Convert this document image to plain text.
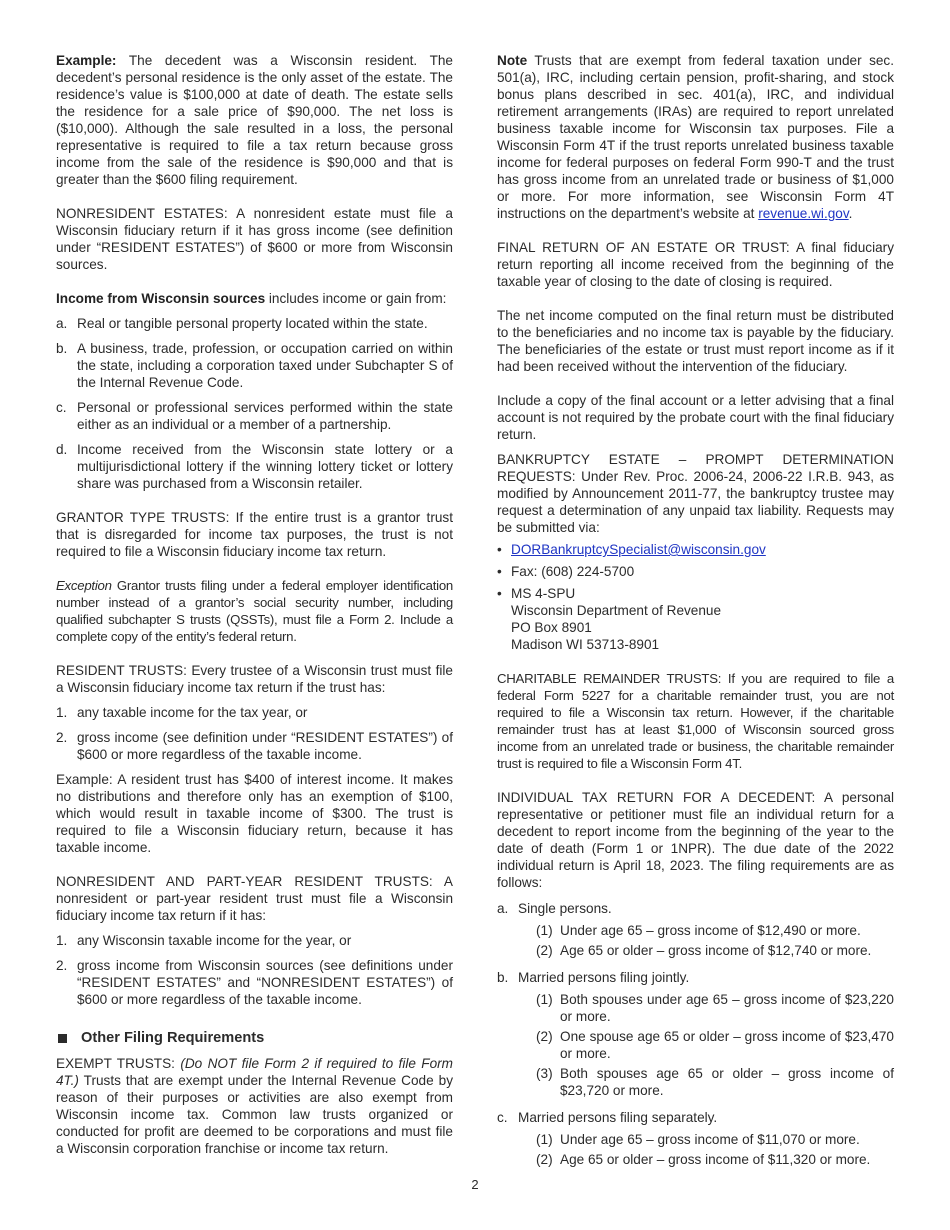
Example: The decedent was a Wisconsin resident. The decedent’s personal residence is the only asset of the estate. The residence’s value is $100,000 at date of death. The estate sells the residence for a sale price of $90,000. The net loss is ($10,000). Although the sale resulted in a loss, the personal representative is required to file a tax return because gross income from the sale of the residence is $90,000 and that is greater than the $600 filing requirement.

NONRESIDENT ESTATES: A nonresident estate must file a Wisconsin fiduciary return if it has gross income (see definition under “RESIDENT ESTATES”) of $600 or more from Wisconsin sources.

Income from Wisconsin sources includes income or gain from:

a. Real or tangible personal property located within the state.
b. A business, trade, profession, or occupation carried on within the state, including a corporation taxed under Subchapter S of the Internal Revenue Code.
c. Personal or professional services performed within the state either as an individual or a member of a partnership.
d. Income received from the Wisconsin state lottery or a multijurisdictional lottery if the winning lottery ticket or lottery share was purchased from a Wisconsin retailer.

GRANTOR TYPE TRUSTS: If the entire trust is a grantor trust that is disregarded for income tax purposes, the trust is not required to file a Wisconsin fiduciary income tax return.

Exception Grantor trusts filing under a federal employer identification number instead of a grantor’s social security number, including qualified subchapter S trusts (QSSTs), must file a Form 2. Include a complete copy of the entity’s federal return.

RESIDENT TRUSTS: Every trustee of a Wisconsin trust must file a Wisconsin fiduciary income tax return if the trust has:

1. any taxable income for the tax year, or
2. gross income (see definition under “RESIDENT ESTATES”) of $600 or more regardless of the taxable income.

Example: A resident trust has $400 of interest income. It makes no distributions and therefore only has an exemption of $100, which would result in taxable income of $300. The trust is required to file a Wisconsin fiduciary return, because it has taxable income.

NONRESIDENT AND PART-YEAR RESIDENT TRUSTS: A nonresident or part-year resident trust must file a Wisconsin fiduciary income tax return if it has:

1. any Wisconsin taxable income for the year, or
2. gross income from Wisconsin sources (see definitions under “RESIDENT ESTATES” and “NONRESIDENT ESTATES”) of $600 or more regardless of the taxable income.
Other Filing Requirements

EXEMPT TRUSTS: (Do NOT file Form 2 if required to file Form 4T.) Trusts that are exempt under the Internal Revenue Code by reason of their purposes or activities are also exempt from Wisconsin income tax. Common law trusts organized or conducted for profit are deemed to be corporations and must file a Wisconsin corporation franchise or income tax return.

Note Trusts that are exempt from federal taxation under sec. 501(a), IRC, including certain pension, profit-sharing, and stock bonus plans described in sec. 401(a), IRC, and individual retirement arrangements (IRAs) are required to report unrelated business taxable income for Wisconsin tax purposes. File a Wisconsin Form 4T if the trust reports unrelated business taxable income for federal purposes on federal Form 990-T and the trust has gross income from an unrelated trade or business of $1,000 or more. For more information, see Wisconsin Form 4T instructions on the department’s website at revenue.wi.gov.

FINAL RETURN OF AN ESTATE OR TRUST: A final fiduciary return reporting all income received from the beginning of the taxable year of closing to the date of closing is required.

The net income computed on the final return must be distributed to the beneficiaries and no income tax is payable by the fiduciary. The beneficiaries of the estate or trust must report income as if it had been received without the intervention of the fiduciary.

Include a copy of the final account or a letter advising that a final account is not required by the probate court with the final fiduciary return.

BANKRUPTCY ESTATE – PROMPT DETERMINATION REQUESTS: Under Rev. Proc. 2006-24, 2006-22 I.R.B. 943, as modified by Announcement 2011-77, the bankruptcy trustee may request a determination of any unpaid tax liability. Requests may be submitted via:

• DORBankruptcySpecialist@wisconsin.gov
• Fax: (608) 224-5700
• MS 4-SPU
Wisconsin Department of Revenue
PO Box 8901
Madison WI 53713-8901

CHARITABLE REMAINDER TRUSTS: If you are required to file a federal Form 5227 for a charitable remainder trust, you are not required to file a Wisconsin tax return. However, if the charitable remainder trust has at least $1,000 of Wisconsin sourced gross income from an unrelated trade or business, the charitable remainder trust is required to file a Wisconsin Form 4T.

INDIVIDUAL TAX RETURN FOR A DECEDENT: A personal representative or petitioner must file an individual return for a decedent to report income from the beginning of the year to the date of death (Form 1 or 1NPR). The due date of the 2022 individual return is April 18, 2023. The filing requirements are as follows:

a. Single persons.
(1) Under age 65 – gross income of $12,490 or more.
(2) Age 65 or older – gross income of $12,740 or more.
b. Married persons filing jointly.
(1) Both spouses under age 65 – gross income of $23,220 or more.
(2) One spouse age 65 or older – gross income of $23,470 or more.
(3) Both spouses age 65 or older – gross income of $23,720 or more.
c. Married persons filing separately.
(1) Under age 65 – gross income of $11,070 or more.
(2) Age 65 or older – gross income of $11,320 or more.
2
